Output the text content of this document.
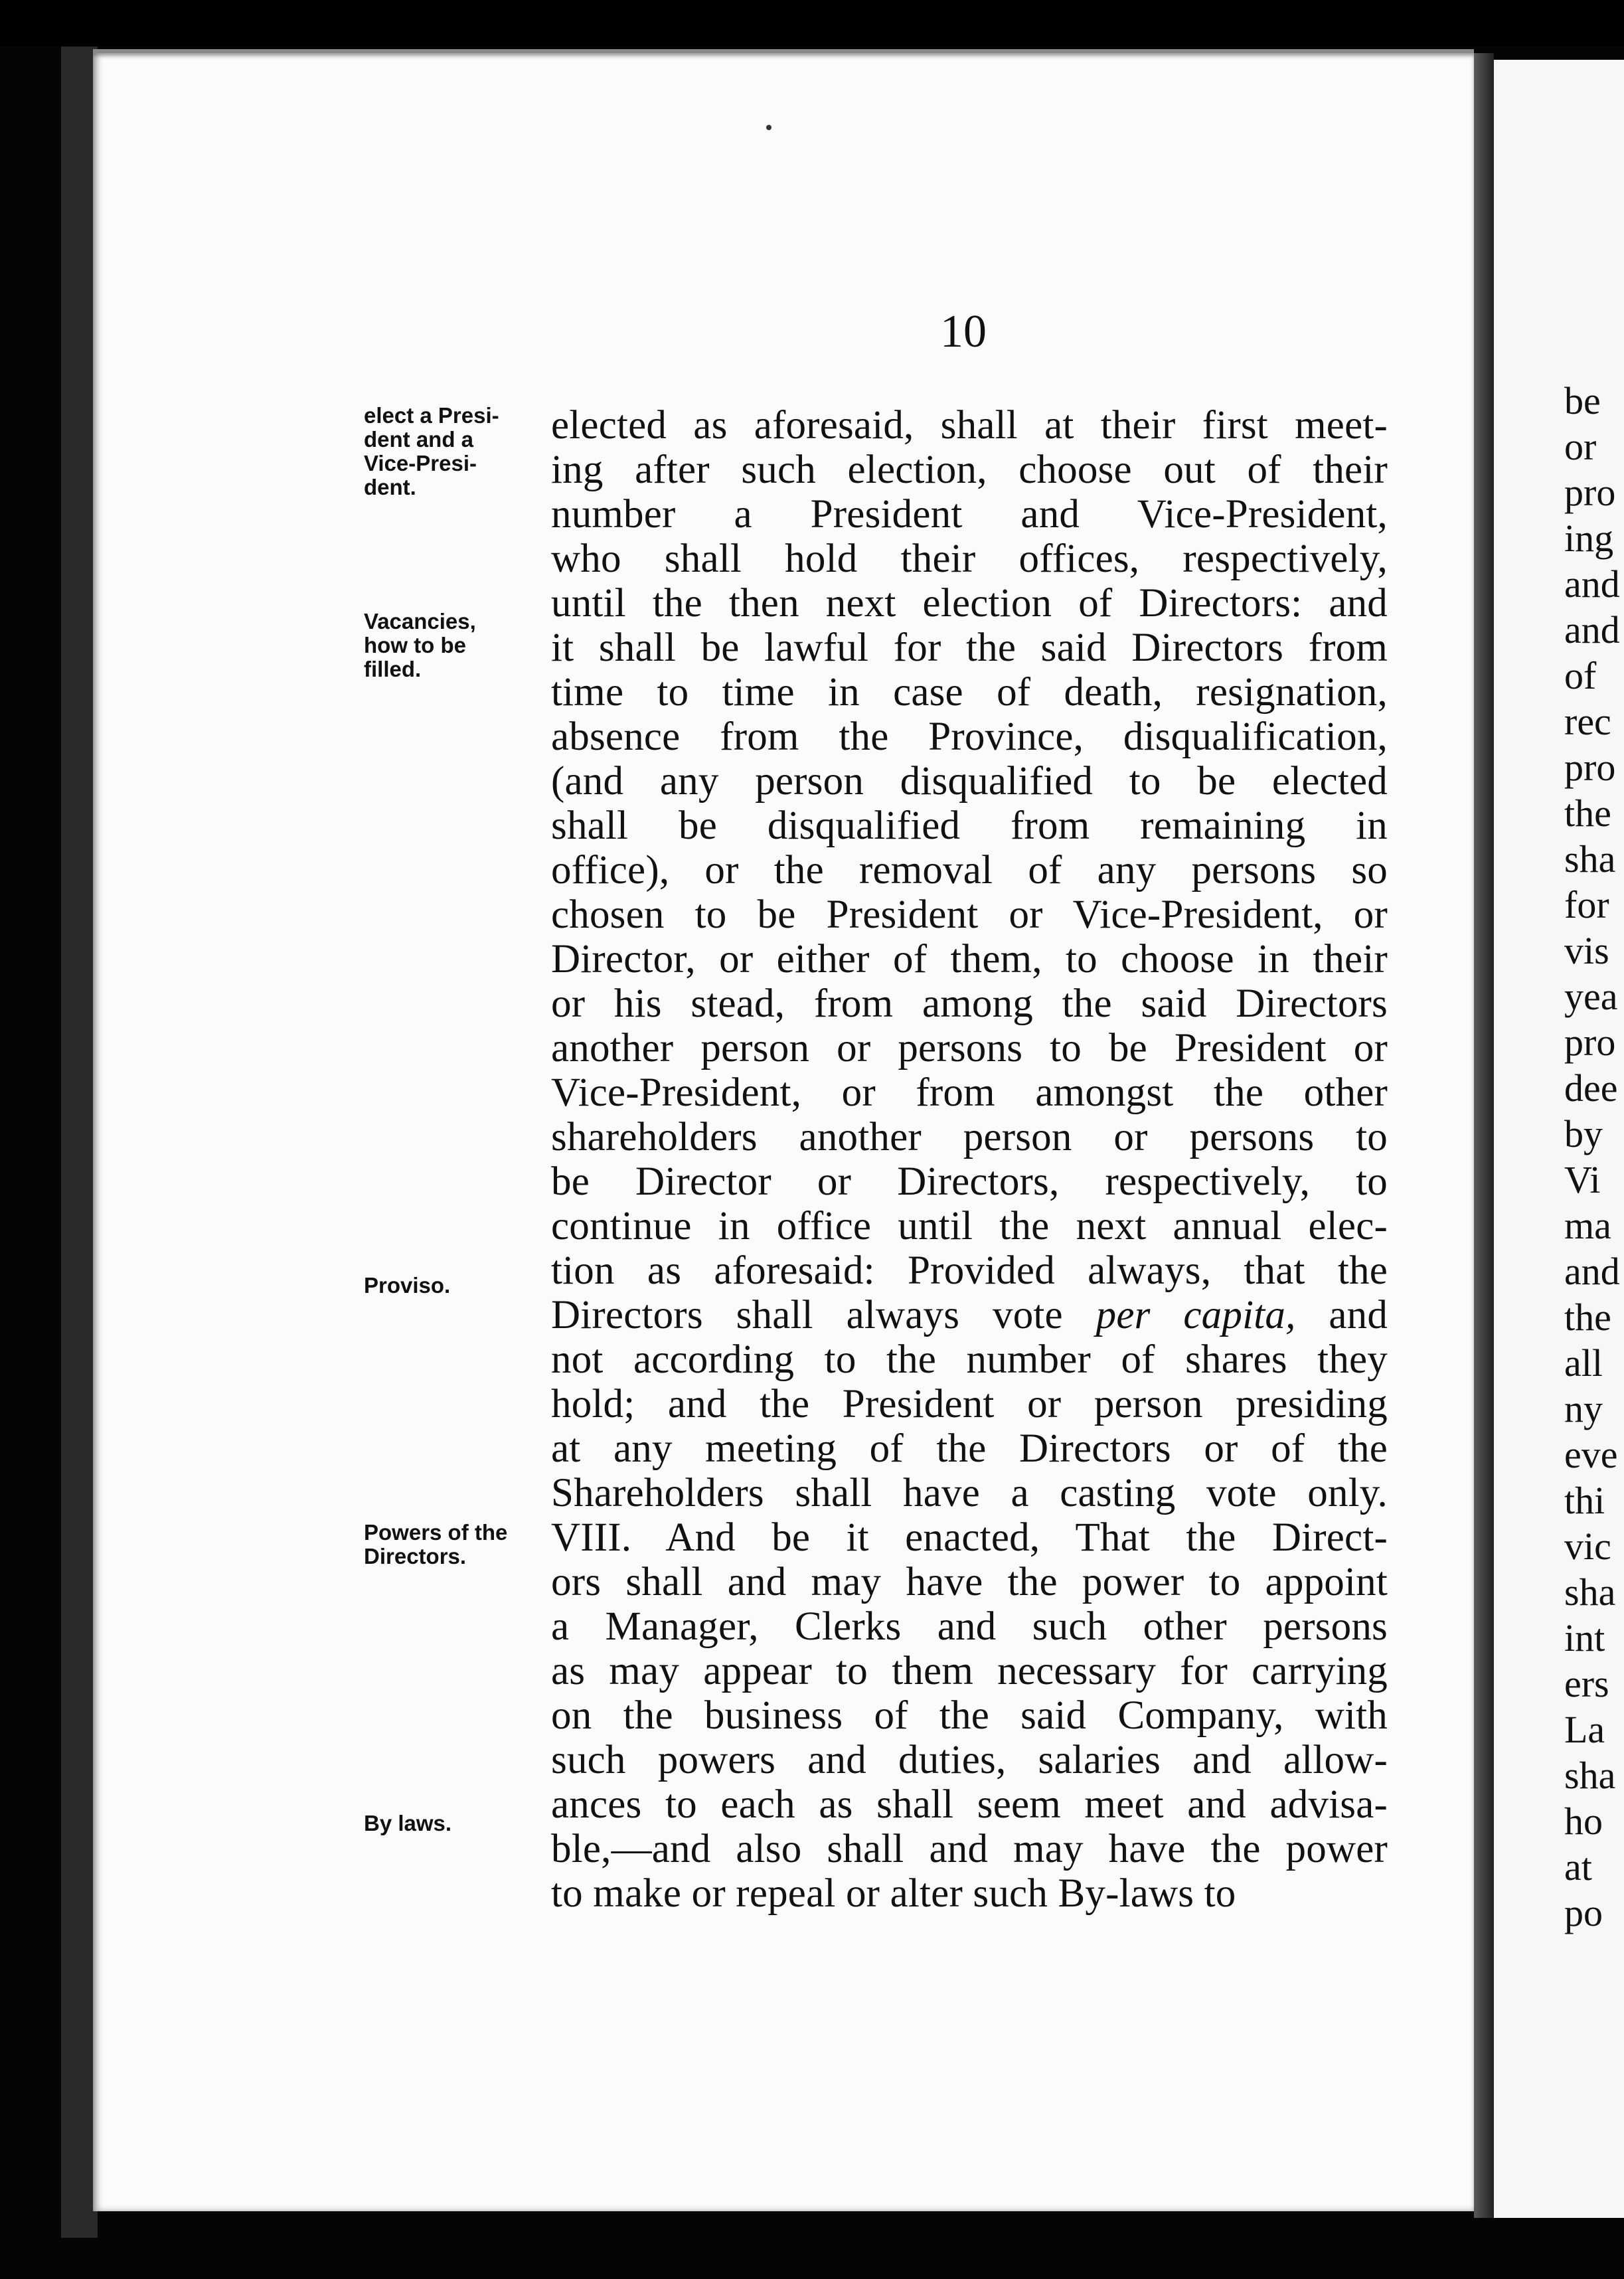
10
elect a Presi-
dent and a
Vice-Presi-
dent.
Vacancies,
how to be
filled.
Proviso.
Powers of the
Directors.
By laws.
elected as aforesaid, shall at their first meet-
ing after such election, choose out of their
number a President and Vice-President,
who shall hold their offices, respectively,
until the then next election of Directors: and
it shall be lawful for the said Directors from
time to time in case of death, resignation,
absence from the Province, disqualification,
(and any person disqualified to be elected
shall be disqualified from remaining in
office), or the removal of any persons so
chosen to be President or Vice-President, or
Director, or either of them, to choose in their
or his stead, from among the said Directors
another person or persons to be President or
Vice-President, or from amongst the other
shareholders another person or persons to
be Director or Directors, respectively, to
continue in office until the next annual elec-
tion as aforesaid: Provided always, that the
Directors shall always vote per capita, and
not according to the number of shares they
hold; and the President or person presiding
at any meeting of the Directors or of the
Shareholders shall have a casting vote only.
VIII. And be it enacted, That the Direct-
ors shall and may have the power to appoint
a Manager, Clerks and such other persons
as may appear to them necessary for carrying
on the business of the said Company, with
such powers and duties, salaries and allow-
ances to each as shall seem meet and advisa-
ble,—and also shall and may have the power
to make or repeal or alter such By-laws to
be
or
pro
ing
and
and
of
rec
pro
the
sha
for
vis
yea
pro
dee
by
Vi
ma
and
the
all
ny
eve
thi
vic
sha
int
ers
La
sha
ho
at
po
